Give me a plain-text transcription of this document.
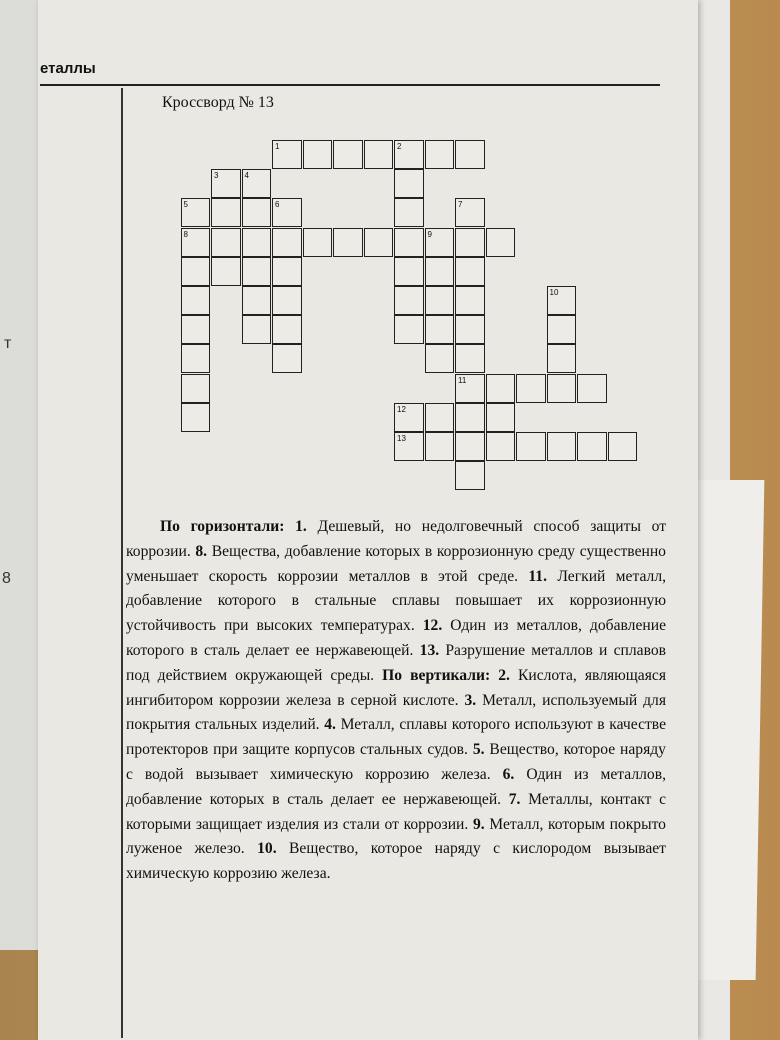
8
т
еталлы
Кроссворд № 13
1	2
3	4
5	6	7
8	9
10
11
12
13

По горизонтали: 1. Дешевый, но недолговечный способ защиты от коррозии. 8. Вещества, добавление которых в коррозионную среду существенно уменьшает скорость коррозии металлов в этой среде. 11. Легкий металл, добавление которого в стальные сплавы повышает их коррозионную устойчивость при высоких температурах. 12. Один из металлов, добавление которого в сталь делает ее нержавеющей. 13. Разрушение металлов и сплавов под действием окружающей среды. По вертикали: 2. Кислота, являющаяся ингибитором коррозии железа в серной кислоте. 3. Металл, используемый для покрытия стальных изделий. 4. Металл, сплавы которого используют в качестве протекторов при защите корпусов стальных судов. 5. Вещество, которое наряду с водой вызывает химическую коррозию железа. 6. Один из металлов, добавление которых в сталь делает ее нержавеющей. 7. Металлы, контакт с которыми защищает изделия из стали от коррозии. 9. Металл, которым покрыто луженое железо. 10. Вещество, которое наряду с кислородом вызывает химическую коррозию железа.
